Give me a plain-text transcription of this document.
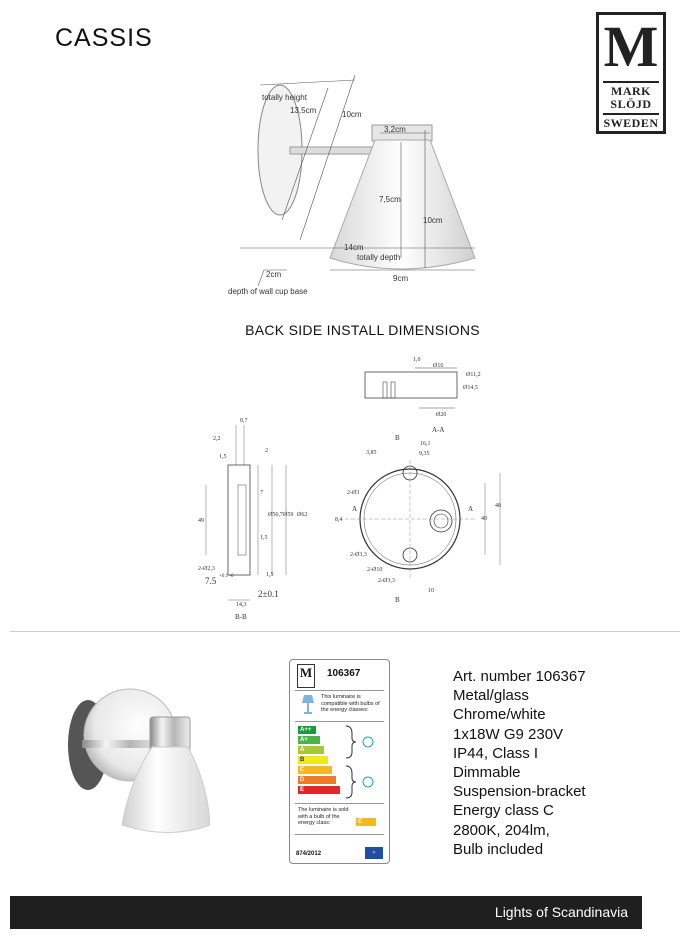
CASSIS	M
MARK
SLÖJD
SWEDEN
totally height
13,5cm	10cm
3,2cm
7,5cm
10cm
14cm
totally depth
2cm	9cm
depth of wall cup base
BACK SIDE INSTALL DIMENSIONS
Ø16
Ø11,2
Ø14,5
Ø20
1,0
A-A
0,7
2,2
1,5
2
7
1,5
49
Ø56,7 Ø59 Ø62
2-Ø2,3
7.5 +0.1 -0	1,5
2±0.1
14,3
B-B
B
B
A	A
3,85
16,1
9,35
2-Ø3
8,4
2-Ø3,3
2-Ø10
2-Ø3,3
10
40
48
M 106367
This luminaire is compatible with bulbs of the energy classes:
A++
A+
A
B
C
D
E
The luminaire is sold with a bulb of the energy class:	C
874/2012	✶
Art. number 106367
Metal/glass
Chrome/white
1x18W G9 230V
IP44, Class I
Dimmable
Suspension-bracket
Energy class C
2800K, 204lm,
Bulb included
Lights of Scandinavia
